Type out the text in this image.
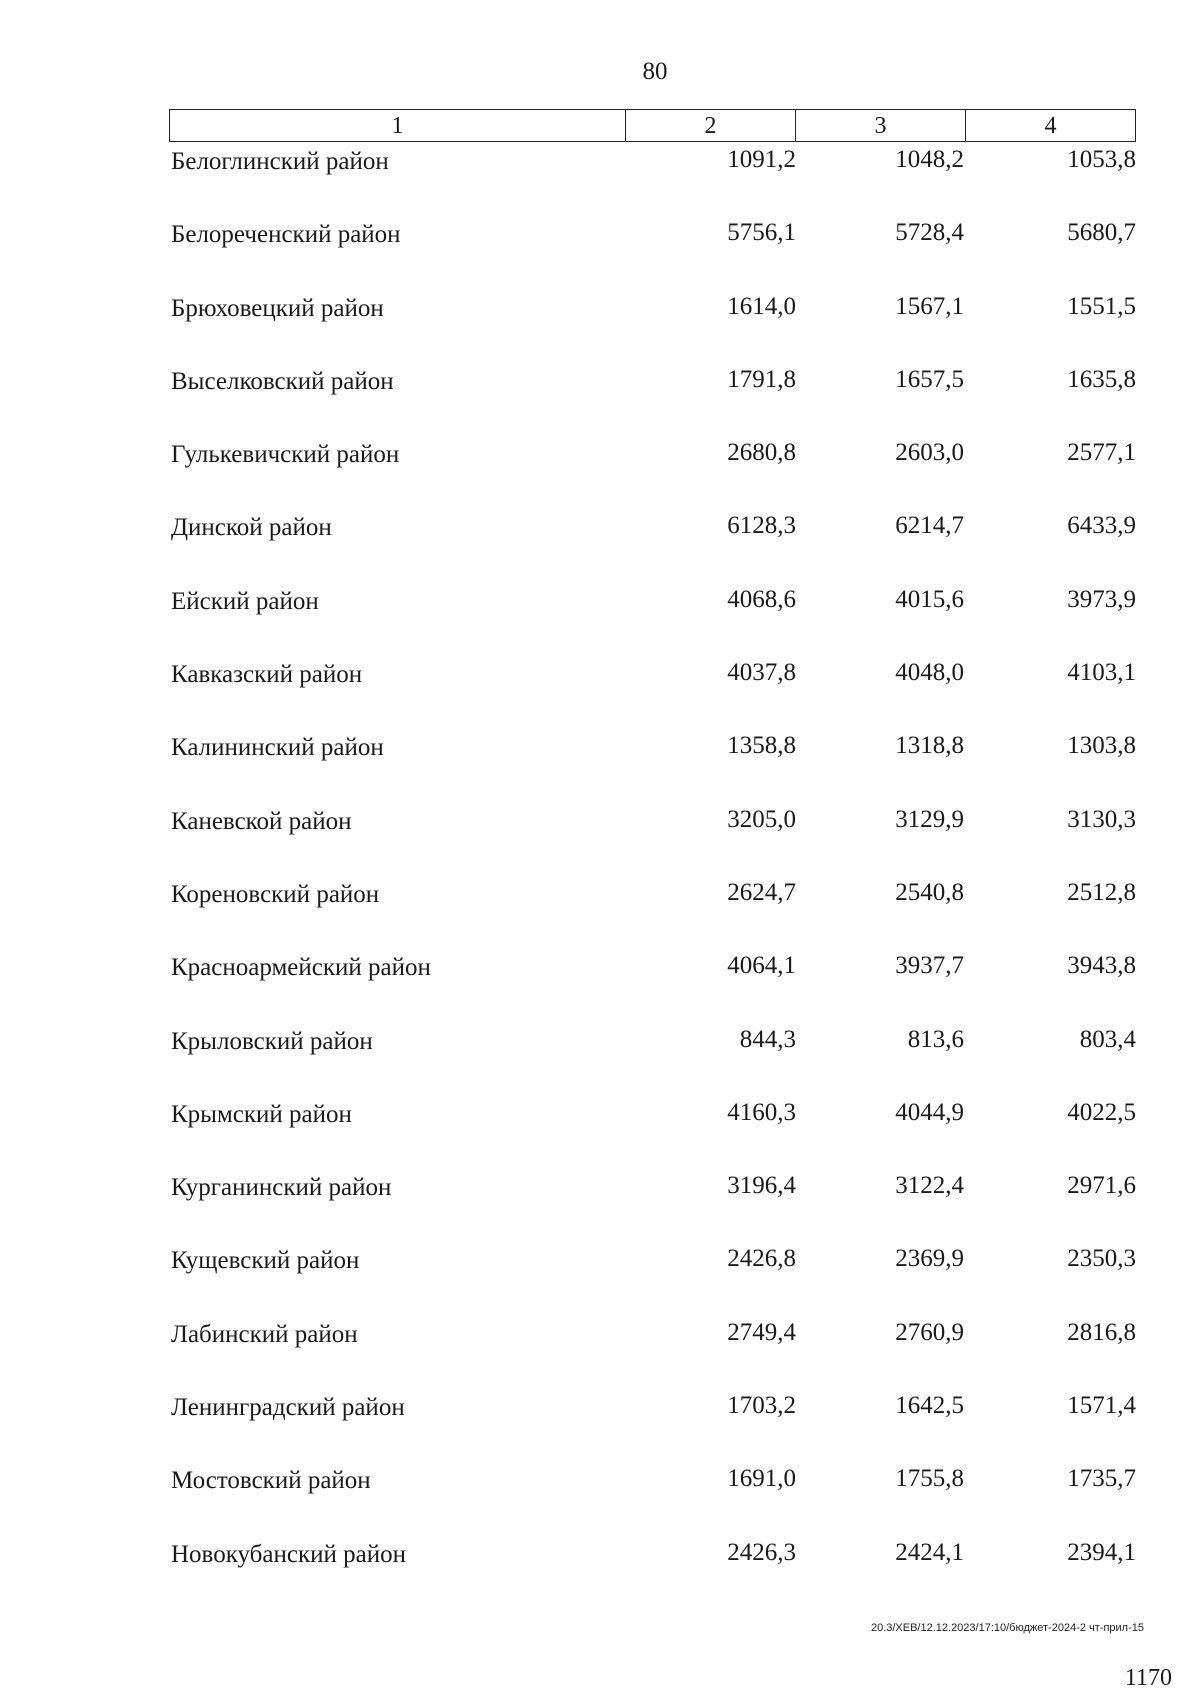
80
1	2	3	4
Белоглинский район	1091,2	1048,2	1053,8
Белореченский район	5756,1	5728,4	5680,7
Брюховецкий район	1614,0	1567,1	1551,5
Выселковский район	1791,8	1657,5	1635,8
Гулькевичский район	2680,8	2603,0	2577,1
Динской район	6128,3	6214,7	6433,9
Ейский район	4068,6	4015,6	3973,9
Кавказский район	4037,8	4048,0	4103,1
Калининский район	1358,8	1318,8	1303,8
Каневской район	3205,0	3129,9	3130,3
Кореновский район	2624,7	2540,8	2512,8
Красноармейский район	4064,1	3937,7	3943,8
Крыловский район	844,3	813,6	803,4
Крымский район	4160,3	4044,9	4022,5
Курганинский район	3196,4	3122,4	2971,6
Кущевский район	2426,8	2369,9	2350,3
Лабинский район	2749,4	2760,9	2816,8
Ленинградский район	1703,2	1642,5	1571,4
Мостовский район	1691,0	1755,8	1735,7
Новокубанский район	2426,3	2424,1	2394,1
20.3/ХЕВ/12.12.2023/17:10/бюджет-2024-2 чт-прил-15
1170
